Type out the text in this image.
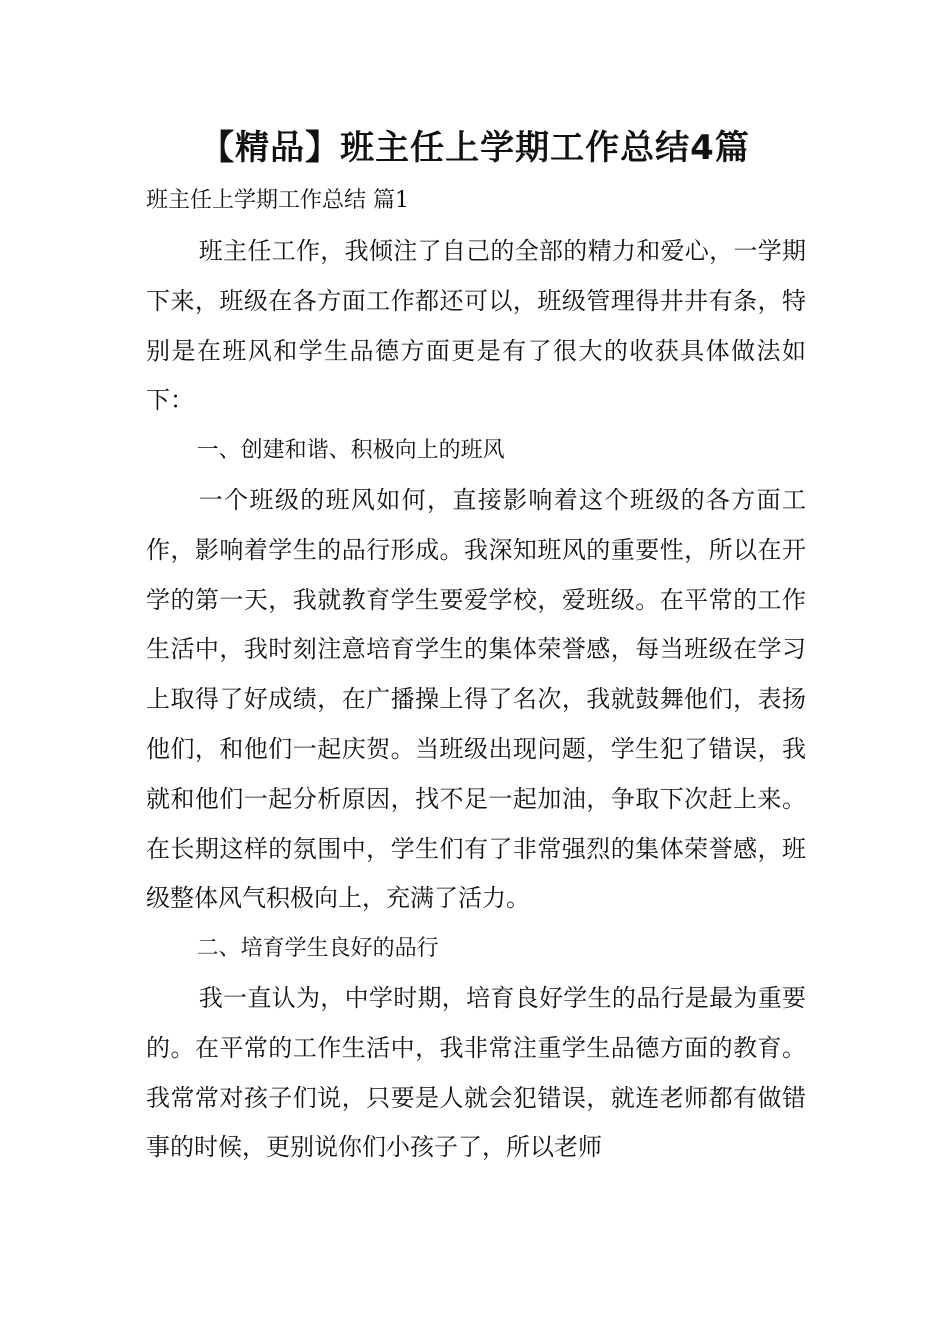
【精品】班主任上学期工作总结4篇

班主任上学期工作总结 篇1

班主任工作，我倾注了自己的全部的精力和爱心，一学期下来，班级在各方面工作都还可以，班级管理得井井有条，特别是在班风和学生品德方面更是有了很大的收获具体做法如下：

一、创建和谐、积极向上的班风

一个班级的班风如何，直接影响着这个班级的各方面工作，影响着学生的品行形成。我深知班风的重要性，所以在开学的第一天，我就教育学生要爱学校，爱班级。在平常的工作生活中，我时刻注意培育学生的集体荣誉感，每当班级在学习上取得了好成绩，在广播操上得了名次，我就鼓舞他们，表扬他们，和他们一起庆贺。当班级出现问题，学生犯了错误，我就和他们一起分析原因，找不足一起加油，争取下次赶上来。在长期这样的氛围中，学生们有了非常强烈的集体荣誉感，班级整体风气积极向上，充满了活力。

二、培育学生良好的品行

我一直认为，中学时期，培育良好学生的品行是最为重要的。在平常的工作生活中，我非常注重学生品德方面的教育。我常常对孩子们说，只要是人就会犯错误，就连老师都有做错事的时候，更别说你们小孩子了，所以老师
